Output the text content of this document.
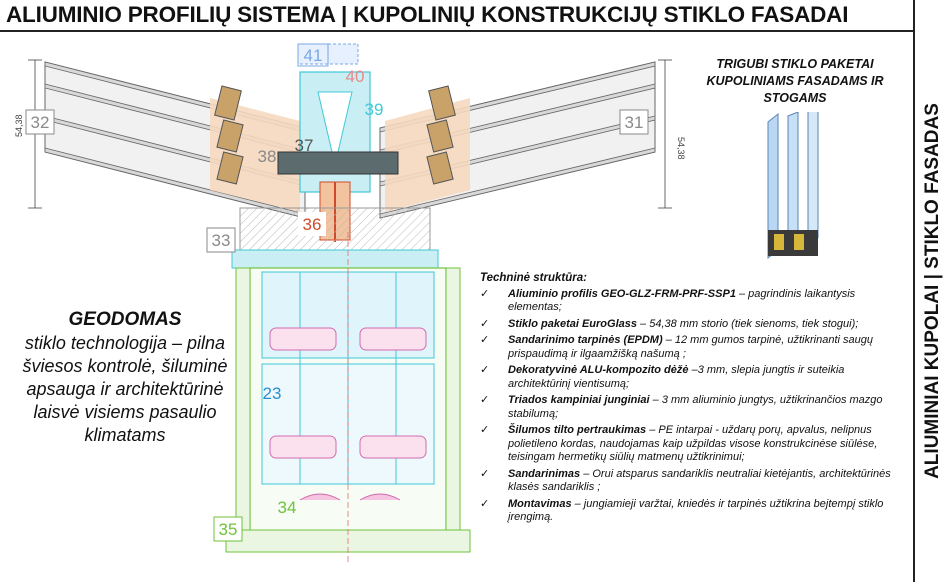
ALIUMINIO PROFILIŲ SISTEMA | KUPOLINIŲ KONSTRUKCIJŲ STIKLO FASADAI
ALIUMINIAI KUPOLAI | STIKLO FASADAS
54,38
54,38
41
40
39
38
37
36
33
32	31
23
34
35
GEODOMAS
stiklo technologija – pilna šviesos kontrolė, šiluminė apsauga ir architektūrinė laisvė visiems pasaulio klimatams
TRIGUBI STIKLO PAKETAI KUPOLINIAMS FASADAMS IR STOGAMS
Techninė struktūra:
✓ Aliuminio profilis GEO-GLZ-FRM-PRF-SSP1 – pagrindinis laikantysis elementas;
✓ Stiklo paketai EuroGlass – 54,38 mm storio (tiek sienoms, tiek stogui);
✓ Sandarinimo tarpinės (EPDM) – 12 mm gumos tarpinė, užtikrinanti saugų prispaudimą ir ilgaamžišką našumą ;
✓ Dekoratyvinė ALU-kompozito dėžė –3 mm, slepia jungtis ir suteikia architektūrinį vientisumą;
✓ Triados kampiniai junginiai – 3 mm aliuminio jungtys, užtikrinančios mazgo stabilumą;
✓ Šilumos tilto pertraukimas – PE intarpai - uždarų porų, apvalus, nelipnus polietileno kordas, naudojamas kaip užpildas visose konstrukcinėse siūlėse, teisingam hermetikų siūlių matmenų užtikrinimui;
✓ Sandarinimas – Orui atsparus sandariklis neutraliai kietėjantis, architektūrinės klasės sandariklis ;
✓ Montavimas – jungiamieji varžtai, kniedės ir tarpinės užtikrina bejtempį stiklo įrengimą.
